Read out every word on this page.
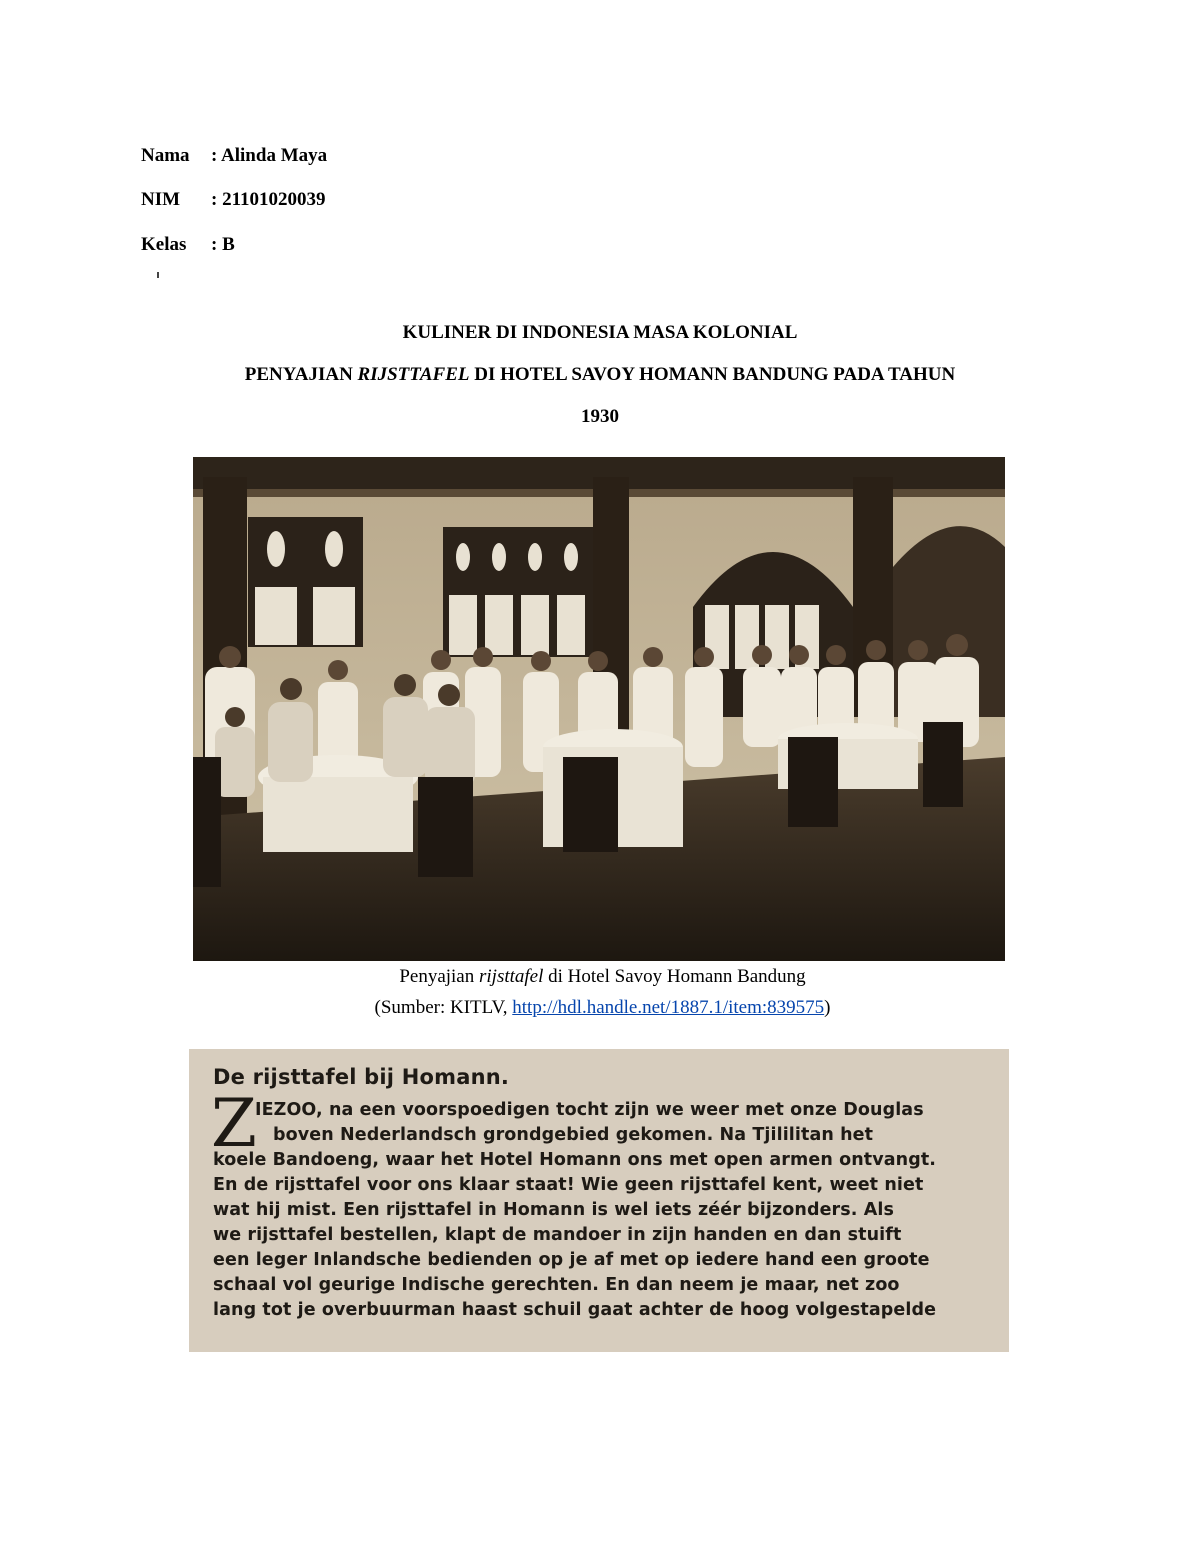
Nama : Alinda Maya
NIM : 21101020039
Kelas : B
KULINER DI INDONESIA MASA KOLONIAL
PENYAJIAN RIJSTTAFEL DI HOTEL SAVOY HOMANN BANDUNG PADA TAHUN
1930
Penyajian rijsttafel di Hotel Savoy Homann Bandung
(Sumber: KITLV, http://hdl.handle.net/1887.1/item:839575)
De rijsttafel bij Homann.
Z
IEZOO, na een voorspoedigen tocht zijn we weer met onze Douglas
boven Nederlandsch grondgebied gekomen. Na Tjililitan het
koele Bandoeng, waar het Hotel Homann ons met open armen ontvangt.
En de rijsttafel voor ons klaar staat! Wie geen rijsttafel kent, weet niet
wat hij mist. Een rijsttafel in Homann is wel iets zéér bijzonders. Als
we rijsttafel bestellen, klapt de mandoer in zijn handen en dan stuift
een leger Inlandsche bedienden op je af met op iedere hand een groote
schaal vol geurige Indische gerechten. En dan neem je maar, net zoo
lang tot je overbuurman haast schuil gaat achter de hoog volgestapelde
